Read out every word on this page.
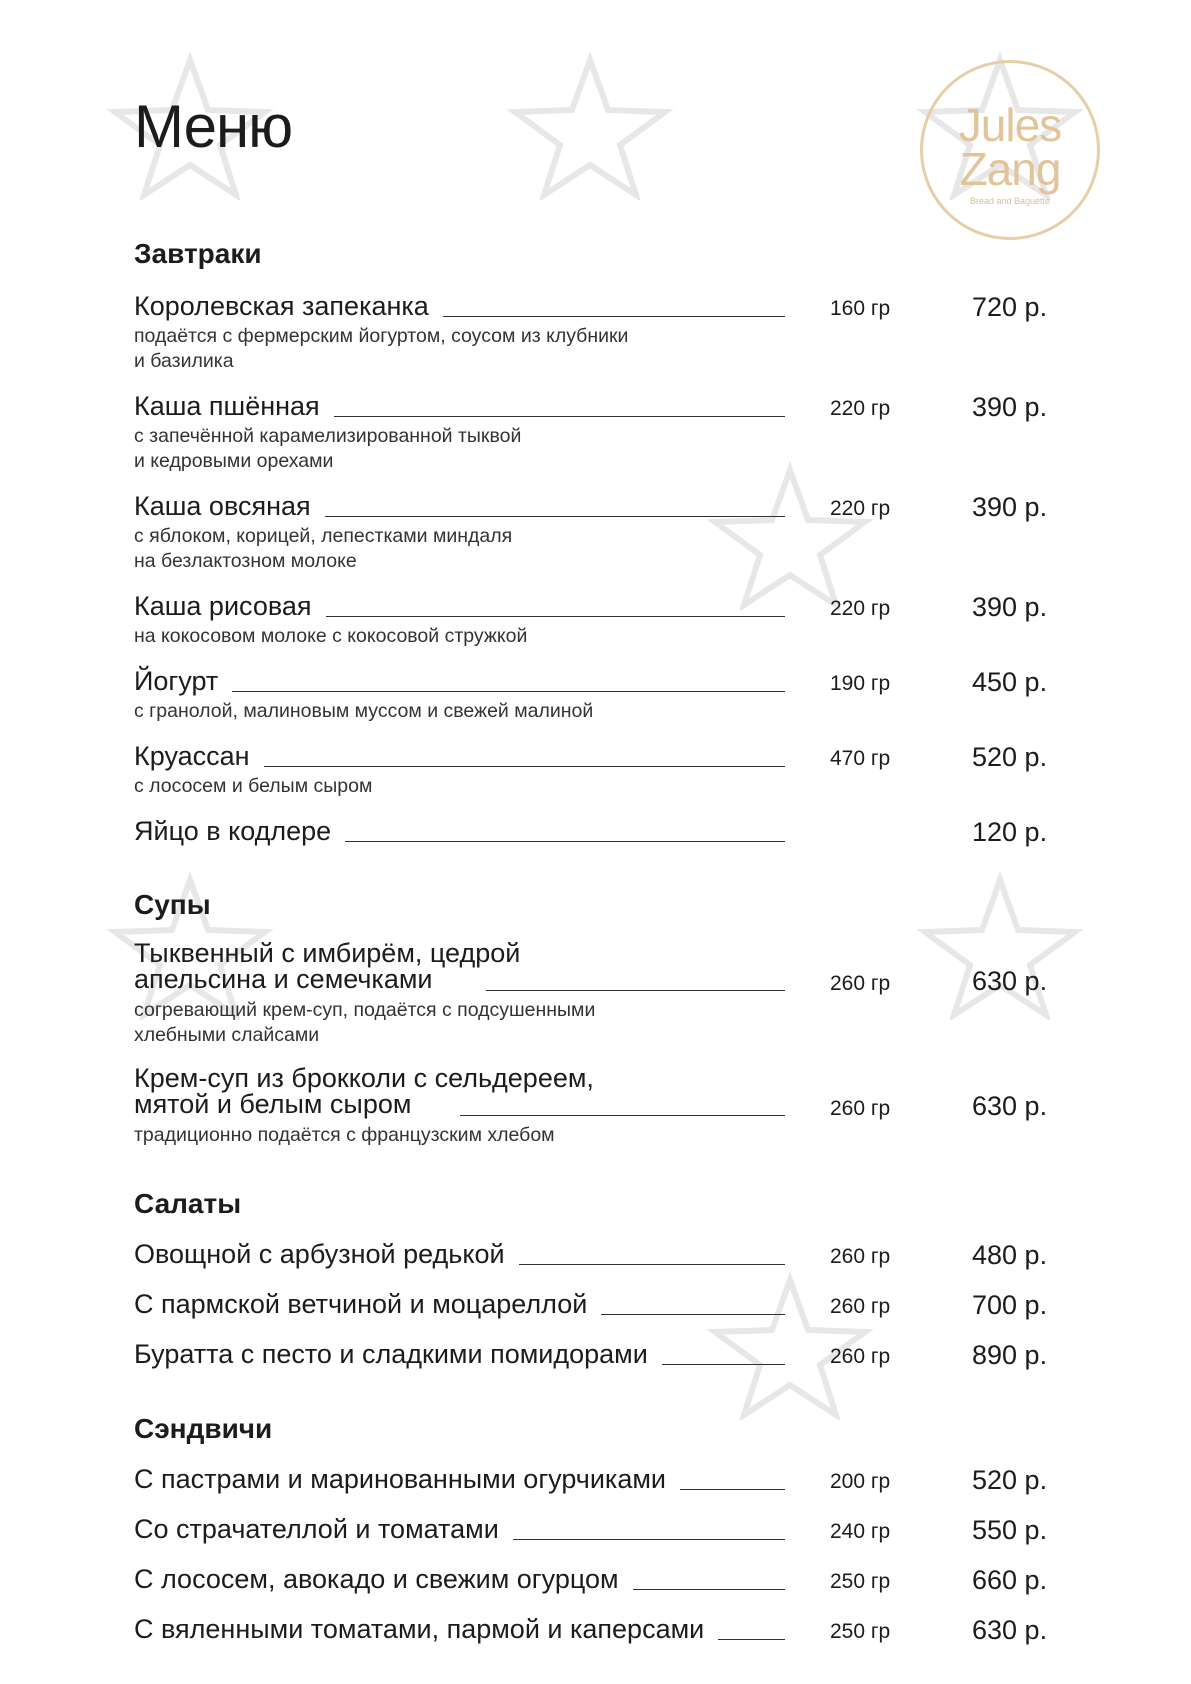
Меню	Jules
Zang
Bread and Baguette
Завтраки
Королевская запеканка
подаётся с фермерским йогуртом, соусом из клубники
и базилика
160 гр	720 р.
Каша пшённая
с запечённой карамелизированной тыквой
и кедровыми орехами
220 гр	390 р.
Каша овсяная
с яблоком, корицей, лепестками миндаля
на безлактозном молоке
220 гр	390 р.
Каша рисовая
на кокосовом молоке с кокосовой стружкой
220 гр	390 р.
Йогурт
с гранолой, малиновым муссом и свежей малиной
190 гр	450 р.
Круассан
с лососем и белым сыром
470 гр	520 р.
Яйцо в кодлере	120 р.
Супы
Тыквенный с имбирём, цедрой
апельсина и семечками
согревающий крем-суп, подаётся с подсушенными
хлебными слайсами
260 гр	630 р.
Крем-суп из брокколи с сельдереем,
мятой и белым сыром
традиционно подаётся с французским хлебом
260 гр	630 р.
Салаты
Овощной с арбузной редькой	260 гр	480 р.
С пармской ветчиной и моцареллой	260 гр	700 р.
Буратта с песто и сладкими помидорами	260 гр	890 р.
Сэндвичи
С пастрами и маринованными огурчиками	200 гр	520 р.
Со страчателлой и томатами	240 гр	550 р.
С лососем, авокадо и свежим огурцом	250 гр	660 р.
С вяленными томатами, пармой и каперсами	250 гр	630 р.
